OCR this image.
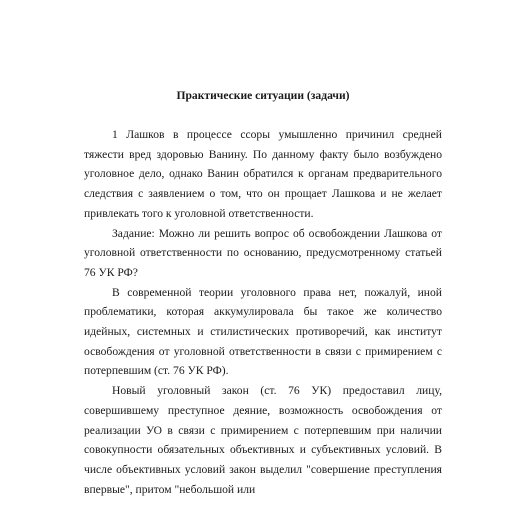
Практические ситуации (задачи)

1 Лашков в процессе ссоры умышленно причинил средней тяжести вред здоровью Ванину. По данному факту было возбуждено уголовное дело, однако Ванин обратился к органам предварительного следствия с заявлением о том, что он прощает Лашкова и не желает привлекать того к уголовной ответственности.

Задание: Можно ли решить вопрос об освобождении Лашкова от уголовной ответственности по основанию, предусмотренному статьей 76 УК РФ?

В современной теории уголовного права нет, пожалуй, иной проблематики, которая аккумулировала бы такое же количество идейных, системных и стилистических противоречий, как институт освобождения от уголовной ответственности в связи с примирением с потерпевшим (ст. 76 УК РФ).

Новый уголовный закон (ст. 76 УК) предоставил лицу, совершившему преступное деяние, возможность освобождения от реализации УО в связи с примирением с потерпевшим при наличии совокупности обязательных объективных и субъективных условий. В числе объективных условий закон выделил "совершение преступления впервые", притом "небольшой или
